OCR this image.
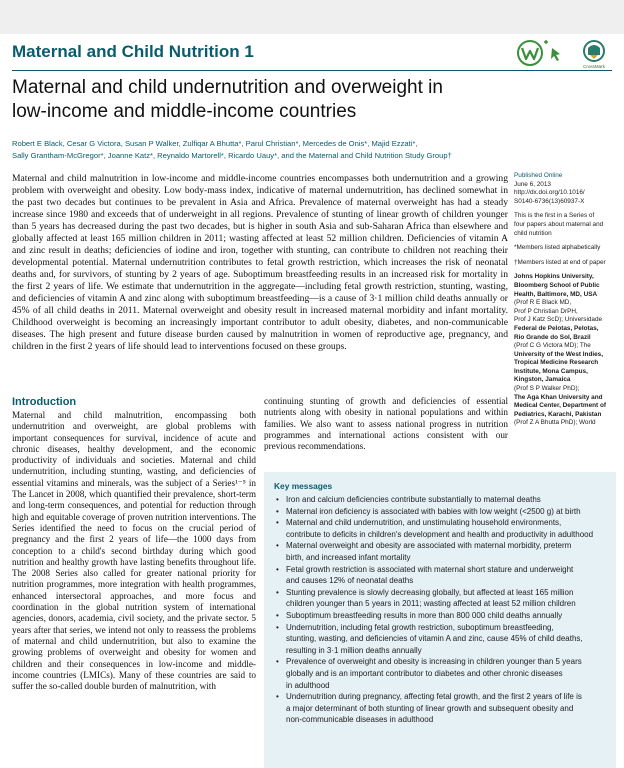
Maternal and Child Nutrition 1
CrossMark
Maternal and child undernutrition and overweight in
low-income and middle-income countries
Robert E Black, Cesar G Victora, Susan P Walker, Zulfiqar A Bhutta*, Parul Christian*, Mercedes de Onis*, Majid Ezzati*,
Sally Grantham-McGregor*, Joanne Katz*, Reynaldo Martorell*, Ricardo Uauy*, and the Maternal and Child Nutrition Study Group†
Maternal and child malnutrition in low-income and middle-income countries encompasses both undernutrition and a growing problem with overweight and obesity. Low body-mass index, indicative of maternal undernutrition, has declined somewhat in the past two decades but continues to be prevalent in Asia and Africa. Prevalence of maternal overweight has had a steady increase since 1980 and exceeds that of underweight in all regions. Prevalence of stunting of linear growth of children younger than 5 years has decreased during the past two decades, but is higher in south Asia and sub-Saharan Africa than elsewhere and globally affected at least 165 million children in 2011; wasting affected at least 52 million children. Deficiencies of vitamin A and zinc result in deaths; deficiencies of iodine and iron, together with stunting, can contribute to children not reaching their developmental potential. Maternal undernutrition contributes to fetal growth restriction, which increases the risk of neonatal deaths and, for survivors, of stunting by 2 years of age. Suboptimum breastfeeding results in an increased risk for mortality in the first 2 years of life. We estimate that undernutrition in the aggregate—including fetal growth restriction, stunting, wasting, and deficiencies of vitamin A and zinc along with suboptimum breastfeeding—is a cause of 3·1 million child deaths annually or 45% of all child deaths in 2011. Maternal overweight and obesity result in increased maternal morbidity and infant mortality. Childhood overweight is becoming an increasingly important contributor to adult obesity, diabetes, and non-communicable diseases. The high present and future disease burden caused by malnutrition in women of reproductive age, pregnancy, and children in the first 2 years of life should lead to interventions focused on these groups.
Published Online
June 6, 2013
http://dx.doi.org/10.1016/
S0140-6736(13)60937-X
This is the first in a Series of
four papers about maternal and
child nutrition
*Members listed alphabetically
†Members listed at end of paper
Johns Hopkins University,
Bloomberg School of Public
Health, Baltimore, MD, USA
(Prof R E Black MD,
Prof P Christian DrPH,
Prof J Katz ScD); Universidade
Federal de Pelotas, Pelotas,
Rio Grande do Sol, Brazil
(Prof C G Victora MD); The
University of the West Indies,
Tropical Medicine Research
Institute, Mona Campus,
Kingston, Jamaica
(Prof S P Walker PhD);
The Aga Khan University and
Medical Center, Department of
Pediatrics, Karachi, Pakistan
(Prof Z A Bhutta PhD); World
Introduction
Maternal and child malnutrition, encompassing both undernutrition and overweight, are global problems with important consequences for survival, incidence of acute and chronic diseases, healthy development, and the economic productivity of individuals and societies. Maternal and child undernutrition, including stunting, wasting, and deficiencies of essential vitamins and minerals, was the subject of a Series¹⁻⁵ in The Lancet in 2008, which quantified their prevalence, short-term and long-term consequences, and potential for reduction through high and equitable coverage of proven nutrition interventions. The Series identified the need to focus on the crucial period of pregnancy and the first 2 years of life—the 1000 days from conception to a child's second birthday during which good nutrition and healthy growth have lasting benefits throughout life. The 2008 Series also called for greater national priority for nutrition programmes, more integration with health programmes, enhanced intersectoral approaches, and more focus and coordination in the global nutrition system of international agencies, donors, academia, civil society, and the private sector. 5 years after that series, we intend not only to reassess the problems of maternal and child undernutrition, but also to examine the growing problems of overweight and obesity for women and children and their consequences in low-income and middle-income countries (LMICs). Many of these countries are said to suffer the so-called double burden of malnutrition, with
continuing stunting of growth and deficiencies of essential nutrients along with obesity in national populations and within families. We also want to assess national progress in nutrition programmes and international actions consistent with our previous recommendations.
Key messages
• Iron and calcium deficiencies contribute substantially to maternal deaths
• Maternal iron deficiency is associated with babies with low weight (<2500 g) at birth
• Maternal and child undernutrition, and unstimulating household environments,
contribute to deficits in children's development and health and productivity in adulthood
• Maternal overweight and obesity are associated with maternal morbidity, preterm
birth, and increased infant mortality
• Fetal growth restriction is associated with maternal short stature and underweight
and causes 12% of neonatal deaths
• Stunting prevalence is slowly decreasing globally, but affected at least 165 million
children younger than 5 years in 2011; wasting affected at least 52 million children
• Suboptimum breastfeeding results in more than 800 000 child deaths annually
• Undernutrition, including fetal growth restriction, suboptimum breastfeeding,
stunting, wasting, and deficiencies of vitamin A and zinc, cause 45% of child deaths,
resulting in 3·1 million deaths annually
• Prevalence of overweight and obesity is increasing in children younger than 5 years
globally and is an important contributor to diabetes and other chronic diseases
in adulthood
• Undernutrition during pregnancy, affecting fetal growth, and the first 2 years of life is
a major determinant of both stunting of linear growth and subsequent obesity and
non-communicable diseases in adulthood
